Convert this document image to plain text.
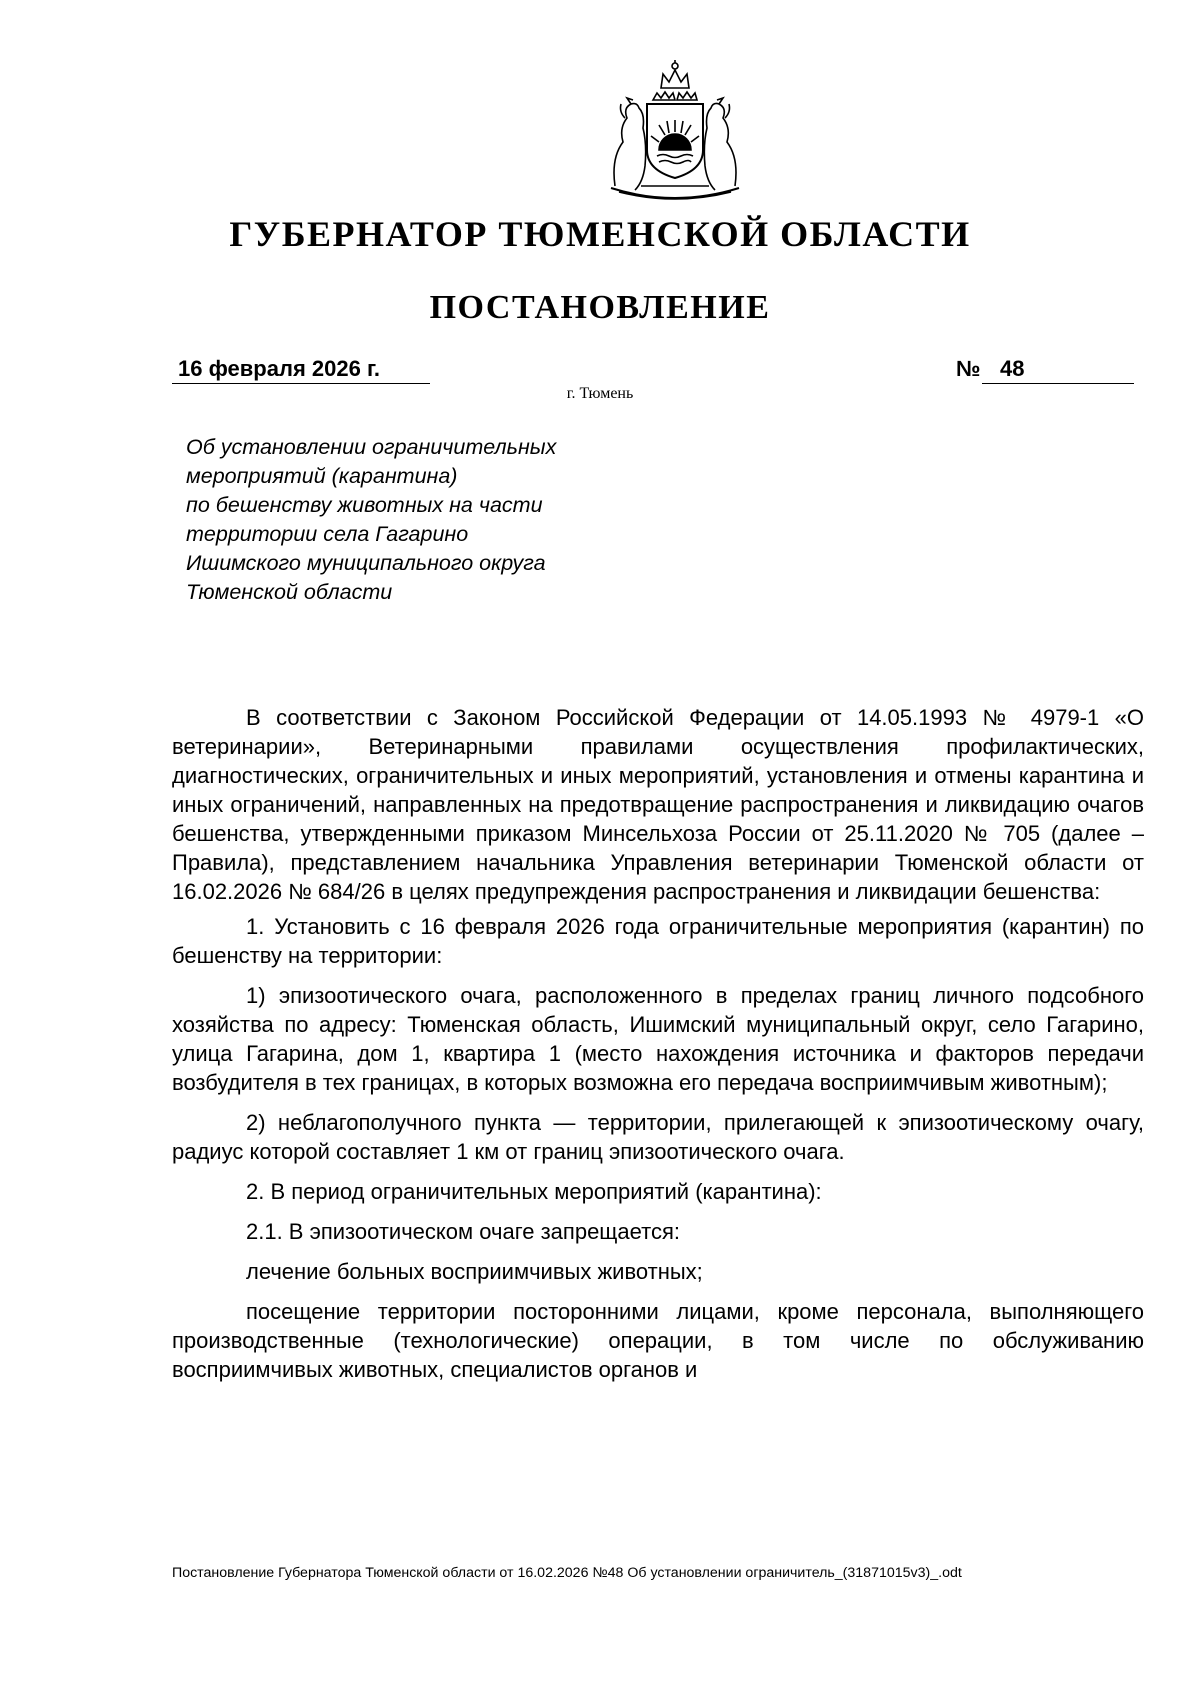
ГУБЕРНАТОР ТЮМЕНСКОЙ ОБЛАСТИ
ПОСТАНОВЛЕНИЕ
16 февраля 2026 г.	№ 48
г. Тюмень
Об установлении ограничительных
мероприятий (карантина)
по бешенству животных на части
территории села Гагарино
Ишимского муниципального округа
Тюменской области

В соответствии с Законом Российской Федерации от 14.05.1993 № 4979-1 «О ветеринарии», Ветеринарными правилами осуществления профилактических, диагностических, ограничительных и иных мероприятий, установления и отмены карантина и иных ограничений, направленных на предотвращение распространения и ликвидацию очагов бешенства, утвержденными приказом Минсельхоза России от 25.11.2020 № 705 (далее – Правила), представлением начальника Управления ветеринарии Тюменской области от 16.02.2026 № 684/26 в целях предупреждения распространения и ликвидации бешенства:

1. Установить с 16 февраля 2026 года ограничительные мероприятия (карантин) по бешенству на территории:

1) эпизоотического очага, расположенного в пределах границ личного подсобного хозяйства по адресу: Тюменская область, Ишимский муниципальный округ, село Гагарино, улица Гагарина, дом 1, квартира 1 (место нахождения источника и факторов передачи возбудителя в тех границах, в которых возможна его передача восприимчивым животным);

2) неблагополучного пункта — территории, прилегающей к эпизоотическому очагу, радиус которой составляет 1 км от границ эпизоотического очага.

2. В период ограничительных мероприятий (карантина):

2.1. В эпизоотическом очаге запрещается:

лечение больных восприимчивых животных;

посещение территории посторонними лицами, кроме персонала, выполняющего производственные (технологические) операции, в том числе по обслуживанию восприимчивых животных, специалистов органов и

Постановление Губернатора Тюменской области от 16.02.2026 №48 Об установлении ограничитель_(31871015v3)_.odt
